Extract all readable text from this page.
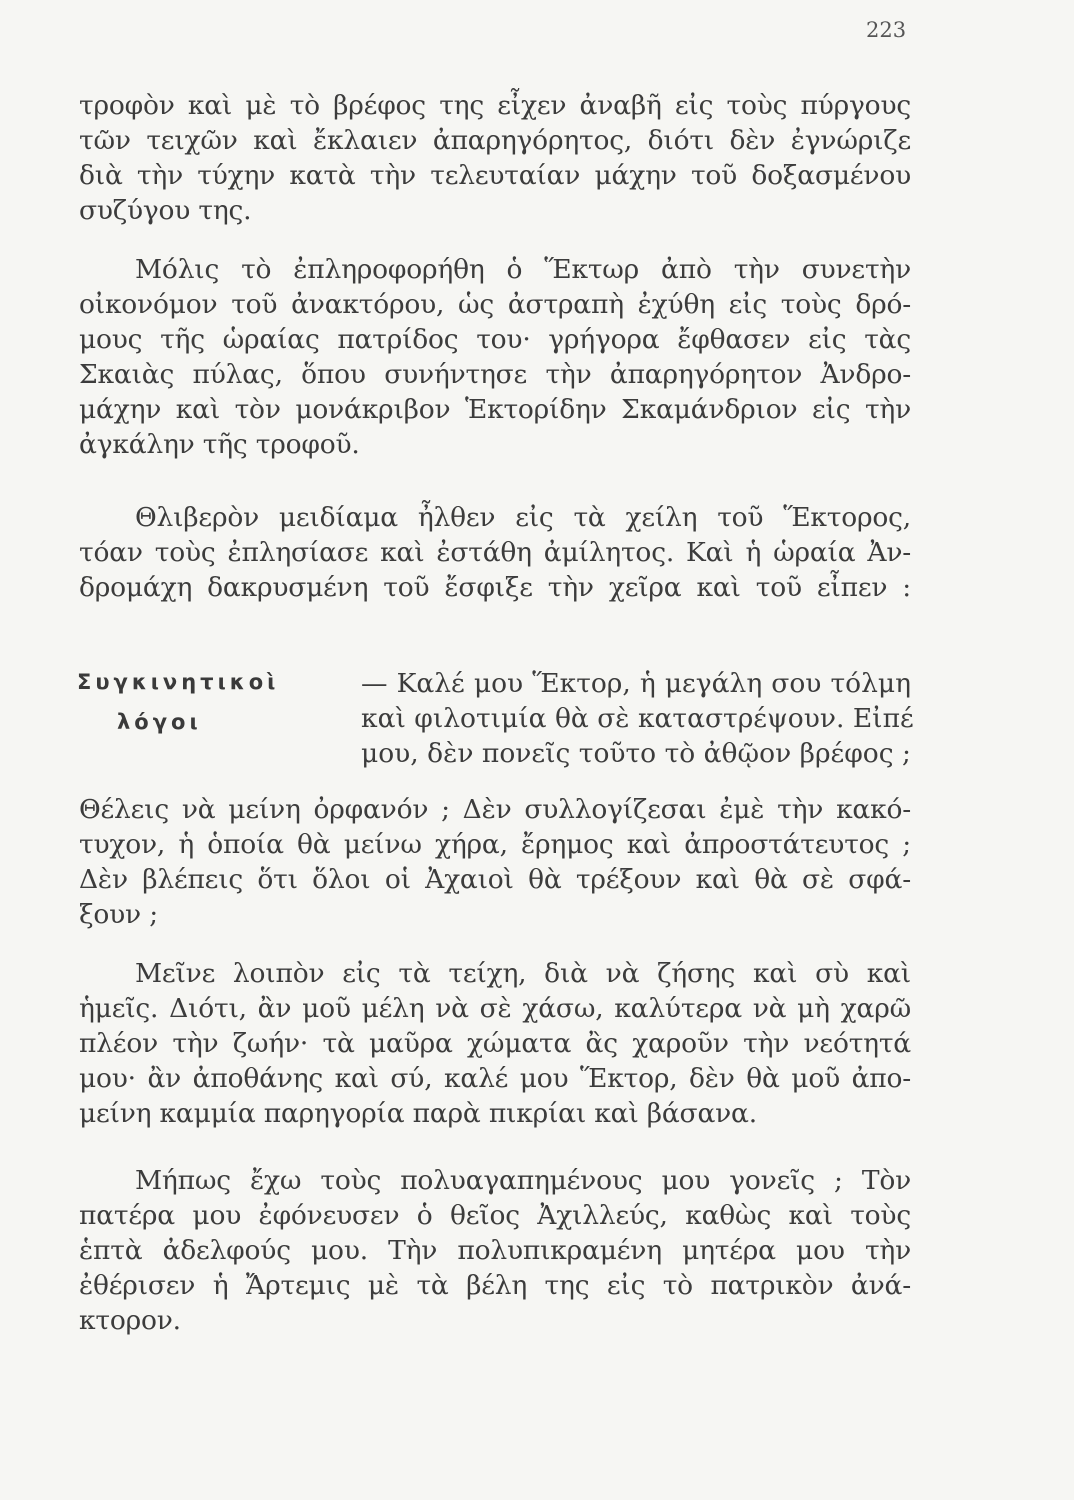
223
τροφὸν καὶ μὲ τὸ βρέφος της εἶχεν ἀναβῆ εἰς τοὺς πύργους
τῶν τειχῶν καὶ ἔκλαιεν ἀπαρηγόρητος, διότι δὲν ἐγνώριζε
διὰ τὴν τύχην κατὰ τὴν τελευταίαν μάχην τοῦ δοξασμένου
συζύγου της.
Μόλις τὸ ἐπληροφορήθη ὁ Ἕκτωρ ἀπὸ τὴν συνετὴν
οἰκονόμον τοῦ ἀνακτόρου, ὡς ἀστραπὴ ἐχύθη εἰς τοὺς δρό-
μους τῆς ὡραίας πατρίδος του· γρήγορα ἔφθασεν εἰς τὰς
Σκαιὰς πύλας, ὅπου συνήντησε τὴν ἀπαρηγόρητον Ἀνδρο-
μάχην καὶ τὸν μονάκριβον Ἑκτορίδην Σκαμάνδριον εἰς τὴν
ἀγκάλην τῆς τροφοῦ.
Θλιβερὸν μειδίαμα ἦλθεν εἰς τὰ χείλη τοῦ Ἕκτορος,
τόαν τοὺς ἐπλησίασε καὶ ἐστάθη ἀμίλητος. Καὶ ἡ ὡραία Ἀν-
δρομάχη δακρυσμένη τοῦ ἔσφιξε τὴν χεῖρα καὶ τοῦ εἶπεν :
Συγκινητικοὶ
λόγοι
— Καλέ μου Ἕκτορ, ἡ μεγάλη σου τόλμη
καὶ φιλοτιμία θὰ σὲ καταστρέψουν. Εἰπέ
μου, δὲν πονεῖς τοῦτο τὸ ἀθῷον βρέφος ;
Θέλεις νὰ μείνη ὀρφανόν ; Δὲν συλλογίζεσαι ἐμὲ τὴν κακό-
τυχον, ἡ ὁποία θὰ μείνω χήρα, ἔρημος καὶ ἀπροστάτευτος ;
Δὲν βλέπεις ὅτι ὅλοι οἱ Ἀχαιοὶ θὰ τρέξουν καὶ θὰ σὲ σφά-
ξουν ;
Μεῖνε λοιπὸν εἰς τὰ τείχη, διὰ νὰ ζήσης καὶ σὺ καὶ
ἡμεῖς. Διότι, ἂν μοῦ μέλη νὰ σὲ χάσω, καλύτερα νὰ μὴ χαρῶ
πλέον τὴν ζωήν· τὰ μαῦρα χώματα ἂς χαροῦν τὴν νεότητά
μου· ἂν ἀποθάνης καὶ σύ, καλέ μου Ἕκτορ, δὲν θὰ μοῦ ἀπο-
μείνη καμμία παρηγορία παρὰ πικρίαι καὶ βάσανα.
Μήπως ἔχω τοὺς πολυαγαπημένους μου γονεῖς ; Τὸν
πατέρα μου ἐφόνευσεν ὁ θεῖος Ἀχιλλεύς, καθὼς καὶ τοὺς
ἑπτὰ ἀδελφούς μου. Τὴν πολυπικραμένη μητέρα μου τὴν
ἐθέρισεν ἡ Ἄρτεμις μὲ τὰ βέλη της εἰς τὸ πατρικὸν ἀνά-
κτορον.
